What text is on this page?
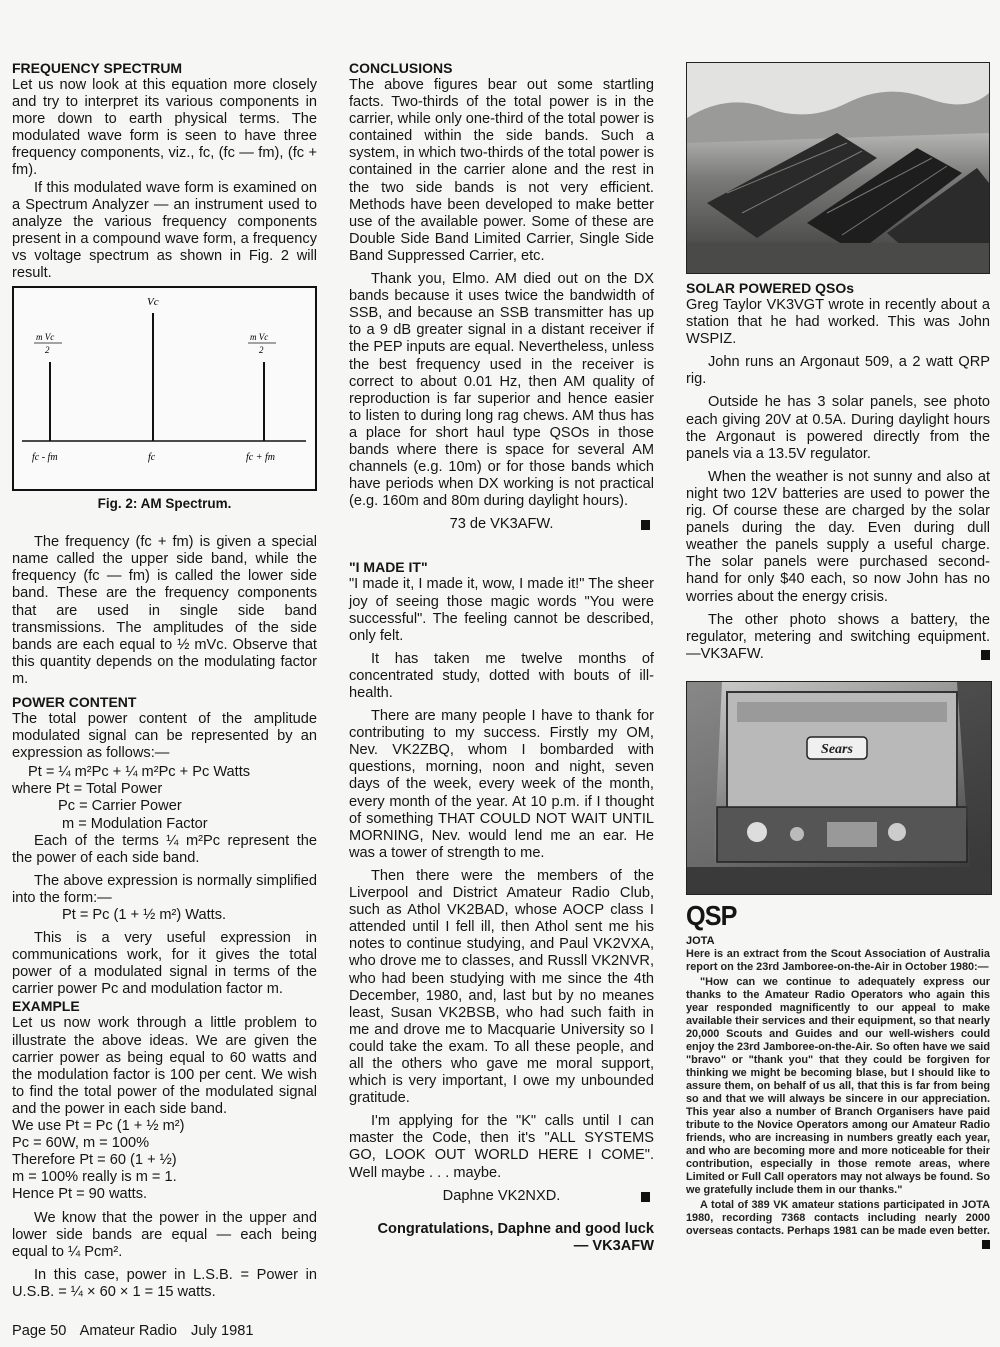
FREQUENCY SPECTRUM

Let us now look at this equation more closely and try to interpret its various components in more down to earth physical terms. The modulated wave form is seen to have three frequency components, viz., fc, (fc — fm), (fc + fm).

If this modulated wave form is examined on a Spectrum Analyzer — an instrument used to analyze the various frequency components present in a compound wave form, a frequency vs voltage spectrum as shown in Fig. 2 will result.

Vc
m Vc
2
m Vc
2
fc - fm	fc	fc + fm

Fig. 2: AM Spectrum.

The frequency (fc + fm) is given a special name called the upper side band, while the frequency (fc — fm) is called the lower side band. These are the frequency components that are used in single side band transmissions. The amplitudes of the side bands are each equal to ½ mVc. Observe that this quantity depends on the modulating factor m.

POWER CONTENT

The total power content of the amplitude modulated signal can be represented by an expression as follows:—

Pt = ¼ m²Pc + ¼ m²Pc + Pc Watts

where Pt = Total Power

Pc = Carrier Power

m = Modulation Factor

Each of the terms ¼ m²Pc represent the the power of each side band.

The above expression is normally simplified into the form:—

Pt = Pc (1 + ½ m²) Watts.

This is a very useful expression in communications work, for it gives the total power of a modulated signal in terms of the carrier power Pc and modulation factor m.

EXAMPLE

Let us now work through a little problem to illustrate the above ideas. We are given the carrier power as being equal to 60 watts and the modulation factor is 100 per cent. We wish to find the total power of the modulated signal and the power in each side band.

We use Pt = Pc (1 + ½ m²)

Pc = 60W, m = 100%

Therefore Pt = 60 (1 + ½)

m = 100% really is m = 1.

Hence Pt = 90 watts.

We know that the power in the upper and lower side bands are equal — each being equal to ¼ Pcm².

In this case, power in L.S.B. = Power in U.S.B. = ¼ × 60 × 1 = 15 watts.

CONCLUSIONS

The above figures bear out some startling facts. Two-thirds of the total power is in the carrier, while only one-third of the total power is contained within the side bands. Such a system, in which two-thirds of the total power is contained in the carrier alone and the rest in the two side bands is not very efficient. Methods have been developed to make better use of the available power. Some of these are Double Side Band Limited Carrier, Single Side Band Suppressed Carrier, etc.

Thank you, Elmo. AM died out on the DX bands because it uses twice the bandwidth of SSB, and because an SSB transmitter has up to a 9 dB greater signal in a distant receiver if the PEP inputs are equal. Nevertheless, unless the best frequency used in the receiver is correct to about 0.01 Hz, then AM quality of reproduction is far superior and hence easier to listen to during long rag chews. AM thus has a place for short haul type QSOs in those bands where there is space for several AM channels (e.g. 10m) or for those bands which have periods when DX working is not practical (e.g. 160m and 80m during daylight hours).

73 de VK3AFW.

"I MADE IT"

"I made it, I made it, wow, I made it!" The sheer joy of seeing those magic words "You were successful". The feeling cannot be described, only felt.

It has taken me twelve months of concentrated study, dotted with bouts of ill-health.

There are many people I have to thank for contributing to my success. Firstly my OM, Nev. VK2ZBQ, whom I bombarded with questions, morning, noon and night, seven days of the week, every week of the month, every month of the year. At 10 p.m. if I thought of something THAT COULD NOT WAIT UNTIL MORNING, Nev. would lend me an ear. He was a tower of strength to me.

Then there were the members of the Liverpool and District Amateur Radio Club, such as Athol VK2BAD, whose AOCP class I attended until I fell ill, then Athol sent me his notes to continue studying, and Paul VK2VXA, who drove me to classes, and Russll VK2NVR, who had been studying with me since the 4th December, 1980, and, last but by no meanes least, Susan VK2BSB, who had such faith in me and drove me to Macquarie University so I could take the exam. To all these people, and all the others who gave me moral support, which is very important, I owe my unbounded gratitude.

I'm applying for the "K" calls until I can master the Code, then it's "ALL SYSTEMS GO, LOOK OUT WORLD HERE I COME". Well maybe . . . maybe.

Daphne VK2NXD.

Congratulations, Daphne and good luck

— VK3AFW

SOLAR POWERED QSOs

Greg Taylor VK3VGT wrote in recently about a station that he had worked. This was John WSPIZ.

John runs an Argonaut 509, a 2 watt QRP rig.

Outside he has 3 solar panels, see photo each giving 20V at 0.5A. During daylight hours the Argonaut is powered directly from the panels via a 13.5V regulator.

When the weather is not sunny and also at night two 12V batteries are used to power the rig. Of course these are charged by the solar panels during the day. Even during dull weather the panels supply a useful charge. The solar panels were purchased second-hand for only $40 each, so now John has no worries about the energy crisis.

The other photo shows a battery, the regulator, metering and switching equipment.—VK3AFW.

Sears

QSP

JOTA

Here is an extract from the Scout Association of Australia report on the 23rd Jamboree-on-the-Air in October 1980:—

"How can we continue to adequately express our thanks to the Amateur Radio Operators who again this year responded magnificently to our appeal to make available their services and their equipment, so that nearly 20,000 Scouts and Guides and our well-wishers could enjoy the 23rd Jamboree-on-the-Air. So often have we said "bravo" or "thank you" that they could be forgiven for thinking we might be becoming blase, but I should like to assure them, on behalf of us all, that this is far from being so and that we will always be sincere in our appreciation. This year also a number of Branch Organisers have paid tribute to the Novice Operators among our Amateur Radio friends, who are increasing in numbers greatly each year, and who are becoming more and more noticeable for their contribution, especially in those remote areas, where Limited or Full Call operators may not always be found. So we gratefully include them in our thanks."

A total of 389 VK amateur stations participated in JOTA 1980, recording 7368 contacts including nearly 2000 overseas contacts. Perhaps 1981 can be made even better.

Page 50 Amateur Radio July 1981
